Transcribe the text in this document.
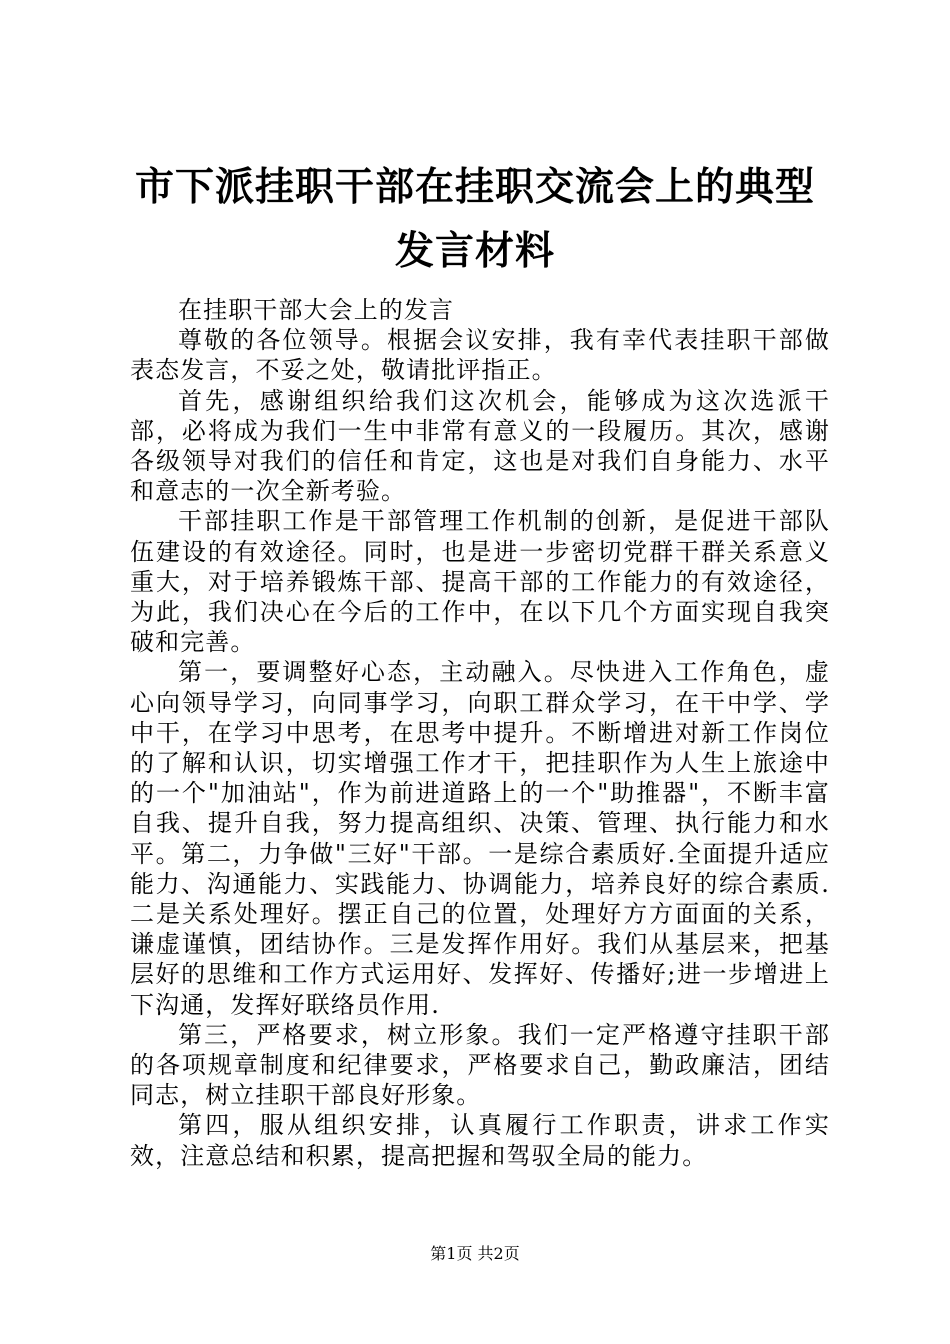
市下派挂职干部在挂职交流会上的典型发言材料

在挂职干部大会上的发言

尊敬的各位领导。根据会议安排，我有幸代表挂职干部做表态发言，不妥之处，敬请批评指正。

首先，感谢组织给我们这次机会，能够成为这次选派干部，必将成为我们一生中非常有意义的一段履历。其次，感谢各级领导对我们的信任和肯定，这也是对我们自身能力、水平和意志的一次全新考验。

干部挂职工作是干部管理工作机制的创新，是促进干部队伍建设的有效途径。同时，也是进一步密切党群干群关系意义重大，对于培养锻炼干部、提高干部的工作能力的有效途径，为此，我们决心在今后的工作中，在以下几个方面实现自我突破和完善。

第一，要调整好心态，主动融入。尽快进入工作角色，虚心向领导学习，向同事学习，向职工群众学习，在干中学、学中干，在学习中思考，在思考中提升。不断增进对新工作岗位的了解和认识，切实增强工作才干，把挂职作为人生上旅途中的一个"加油站"，作为前进道路上的一个"助推器"，不断丰富自我、提升自我，努力提高组织、决策、管理、执行能力和水平。第二，力争做"三好"干部。一是综合素质好.全面提升适应能力、沟通能力、实践能力、协调能力，培养良好的综合素质.二是关系处理好。摆正自己的位置，处理好方方面面的关系，谦虚谨慎，团结协作。三是发挥作用好。我们从基层来，把基层好的思维和工作方式运用好、发挥好、传播好;进一步增进上下沟通，发挥好联络员作用.

第三，严格要求，树立形象。我们一定严格遵守挂职干部的各项规章制度和纪律要求，严格要求自己，勤政廉洁，团结同志，树立挂职干部良好形象。

第四，服从组织安排，认真履行工作职责，讲求工作实效，注意总结和积累，提高把握和驾驭全局的能力。

第1页 共2页
